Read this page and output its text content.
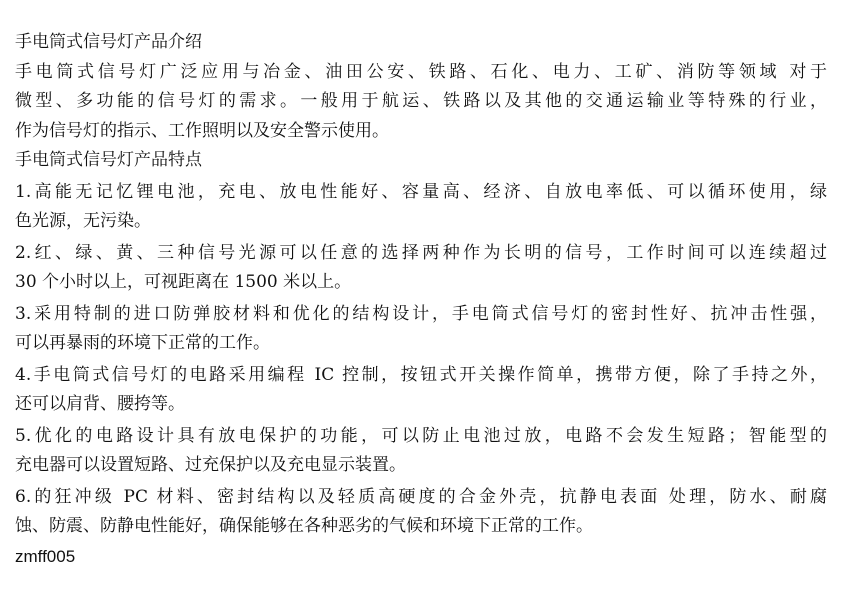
手电筒式信号灯产品介绍
手电筒式信号灯广泛应用与冶金、油田公安、铁路、石化、电力、工矿、消防等领域 对于
微型、多功能的信号灯的需求。一般用于航运、铁路以及其他的交通运输业等特殊的行业，
作为信号灯的指示、工作照明以及安全警示使用。
手电筒式信号灯产品特点
1.高能无记忆锂电池，充电、放电性能好、容量高、经济、自放电率低、可以循环使用，绿
色光源，无污染。
2.红、绿、黄、三种信号光源可以任意的选择两种作为长明的信号，工作时间可以连续超过
30 个小时以上，可视距离在 1500 米以上。
3.采用特制的进口防弹胶材料和优化的结构设计，手电筒式信号灯的密封性好、抗冲击性强，
可以再暴雨的环境下正常的工作。
4.手电筒式信号灯的电路采用编程 IC 控制，按钮式开关操作简单，携带方便，除了手持之外，
还可以肩背、腰挎等。
5.优化的电路设计具有放电保护的功能，可以防止电池过放，电路不会发生短路；智能型的
充电器可以设置短路、过充保护以及充电显示装置。
6.的狂冲级 PC 材料、密封结构以及轻质高硬度的合金外壳，抗静电表面 处理，防水、耐腐
蚀、防震、防静电性能好，确保能够在各种恶劣的气候和环境下正常的工作。
zmff005
